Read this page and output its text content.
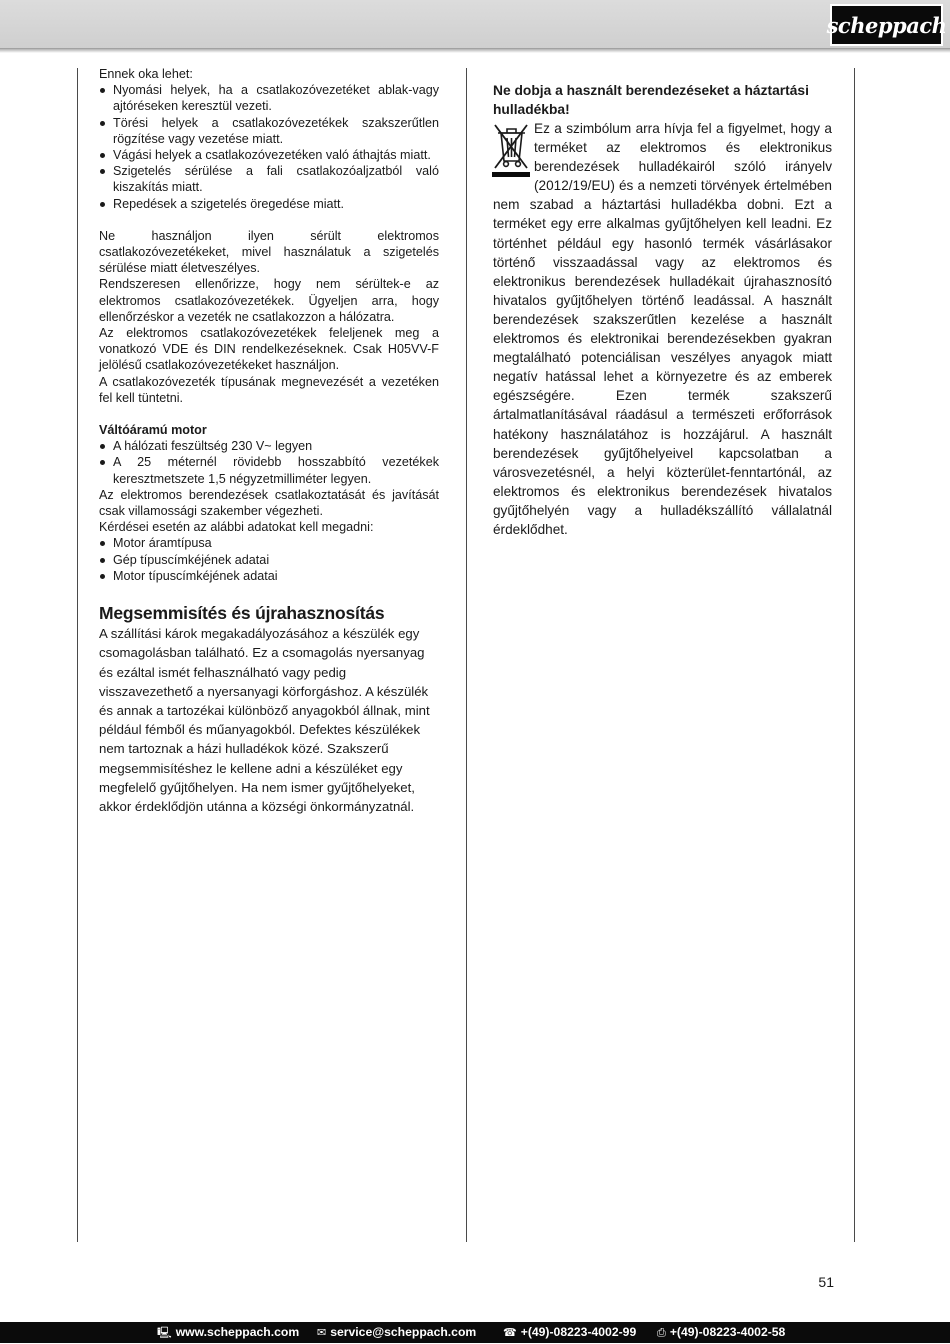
scheppach

Ennek oka lehet:

Nyomási helyek, ha a csatlakozóvezetéket ablak-vagy ajtóréseken keresztül vezeti.
Törési helyek a csatlakozóvezetékek szakszerűtlen rögzítése vagy vezetése miatt.
Vágási helyek a csatlakozóvezetéken való áthajtás miatt.
Szigetelés sérülése a fali csatlakozóaljzatból való kiszakítás miatt.
Repedések a szigetelés öregedése miatt.

Ne használjon ilyen sérült elektromos csatlakozóvezetékeket, mivel használatuk a szigetelés sérülése miatt életveszélyes.

Rendszeresen ellenőrizze, hogy nem sérültek-e az elektromos csatlakozóvezetékek. Ügyeljen arra, hogy ellenőrzéskor a vezeték ne csatlakozzon a hálózatra.

Az elektromos csatlakozóvezetékek feleljenek meg a vonatkozó VDE és DIN rendelkezéseknek. Csak H05VV-F jelölésű csatlakozóvezetékeket használjon.

A csatlakozóvezeték típusának megnevezését a vezetéken fel kell tüntetni.

Váltóáramú motor
A hálózati feszültség 230 V~ legyen
A 25 méternél rövidebb hosszabbító vezetékek keresztmetszete 1,5 négyzetmilliméter legyen.

Az elektromos berendezések csatlakoztatását és javítását csak villamossági szakember végezheti.

Kérdései esetén az alábbi adatokat kell megadni:

Motor áramtípusa
Gép típuscímkéjének adatai
Motor típuscímkéjének adatai
Megsemmisítés és újrahasznosítás

A szállítási károk megakadályozásához a készülék egy csomagolásban található. Ez a csomagolás nyersanyag és ezáltal ismét felhasználható vagy pedig visszavezethető a nyersanyagi körforgáshoz. A készülék és annak a tartozékai különböző anyagokból állnak, mint például fémből és műanyagokból. Defektes készülékek nem tartoznak a házi hulladékok közé. Szakszerű megsemmisítéshez le kellene adni a készüléket egy megfelelő gyűjtőhelyen. Ha nem ismer gyűjtőhelyeket, akkor érdeklődjön utánna a községi önkormányzatnál.

Ne dobja a használt berendezéseket a háztartási hulladékba!

Ez a szimbólum arra hívja fel a figyelmet, hogy a terméket az elektromos és elektronikus berendezések hulladékairól szóló irányelv (2012/19/EU) és a nemzeti törvények értelmében nem szabad a háztartási hulladékba dobni. Ezt a terméket egy erre alkalmas gyűjtőhelyen kell leadni. Ez történhet például egy hasonló termék vásárlásakor történő visszaadással vagy az elektromos és elektronikus berendezések hulladékait újrahasznosító hivatalos gyűjtőhelyen történő leadással. A használt berendezések szakszerűtlen kezelése a használt elektromos és elektronikai berendezésekben gyakran megtalálható potenciálisan veszélyes anyagok miatt negatív hatással lehet a környezetre és az emberek egészségére. Ezen termék szakszerű ártalmatlanításával ráadásul a természeti erőforrások hatékony használatához is hozzájárul. A használt berendezések gyűjtőhelyeivel kapcsolatban a városvezetésnél, a helyi közterület-fenntartónál, az elektromos és elektronikus berendezések hivatalos gyűjtőhelyén vagy a hulladékszállító vállalatnál érdeklődhet.

51
🖳 www.scheppach.com ✉ service@scheppach.com ☎ +(49)-08223-4002-99 ⎙ +(49)-08223-4002-58
